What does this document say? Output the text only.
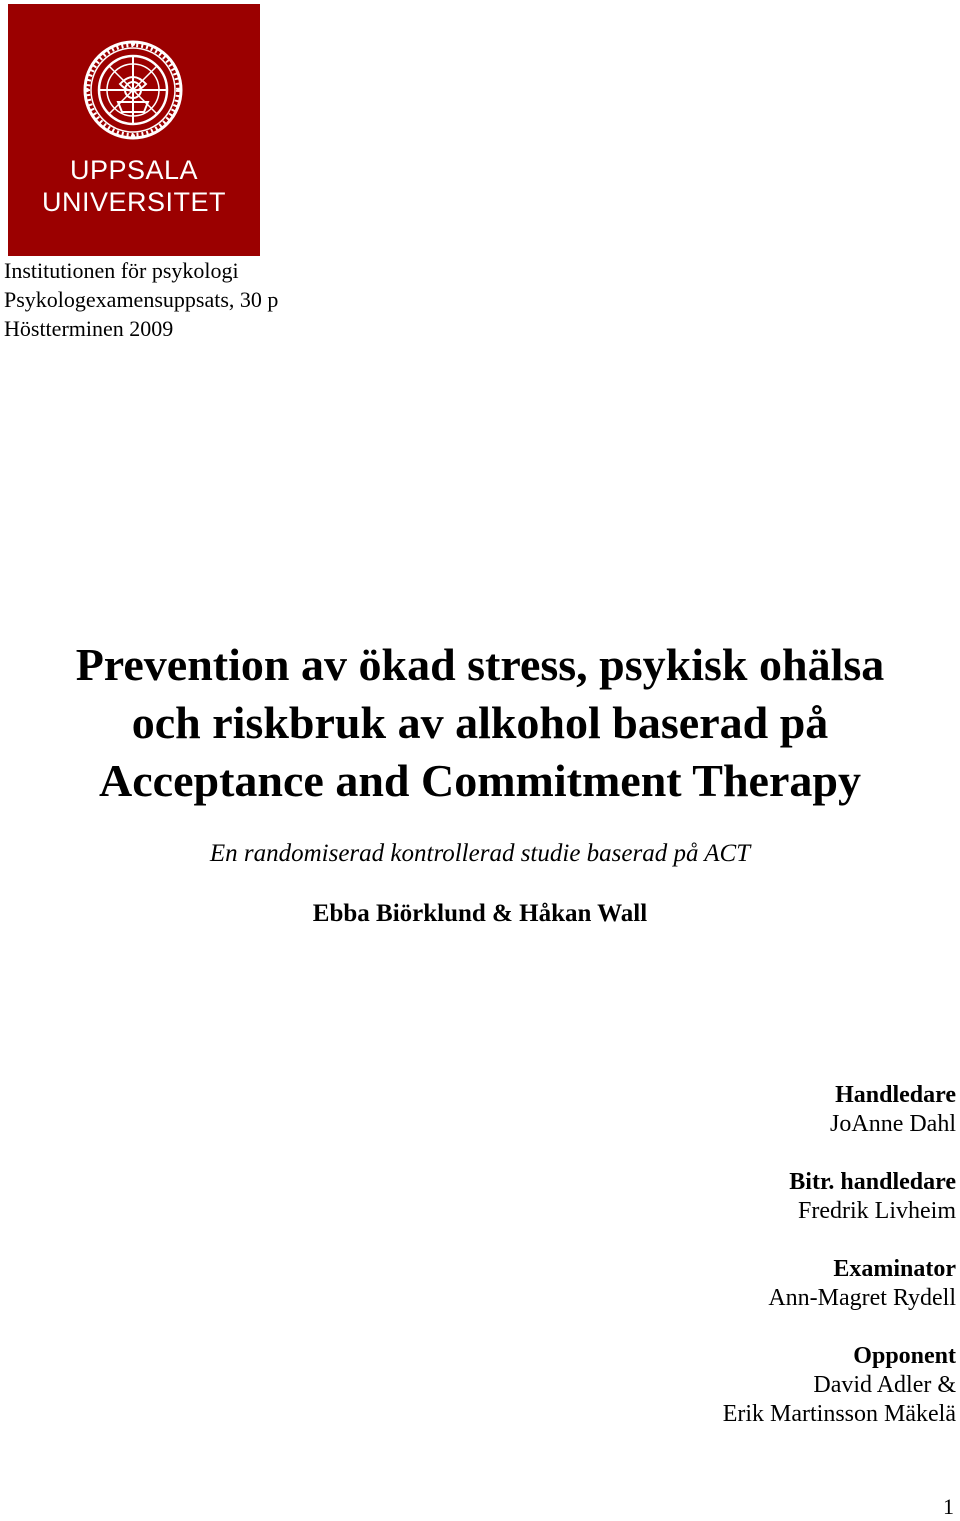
UPPSALA
UNIVERSITET
Institutionen för psykologi
Psykologexamensuppsats, 30 p
Höstterminen 2009
Prevention av ökad stress, psykisk ohälsa
och riskbruk av alkohol baserad på
Acceptance and Commitment Therapy
En randomiserad kontrollerad studie baserad på ACT
Ebba Biörklund & Håkan Wall
Handledare
JoAnne Dahl
Bitr. handledare
Fredrik Livheim
Examinator
Ann-Magret Rydell
Opponent
David Adler &
Erik Martinsson Mäkelä
1
